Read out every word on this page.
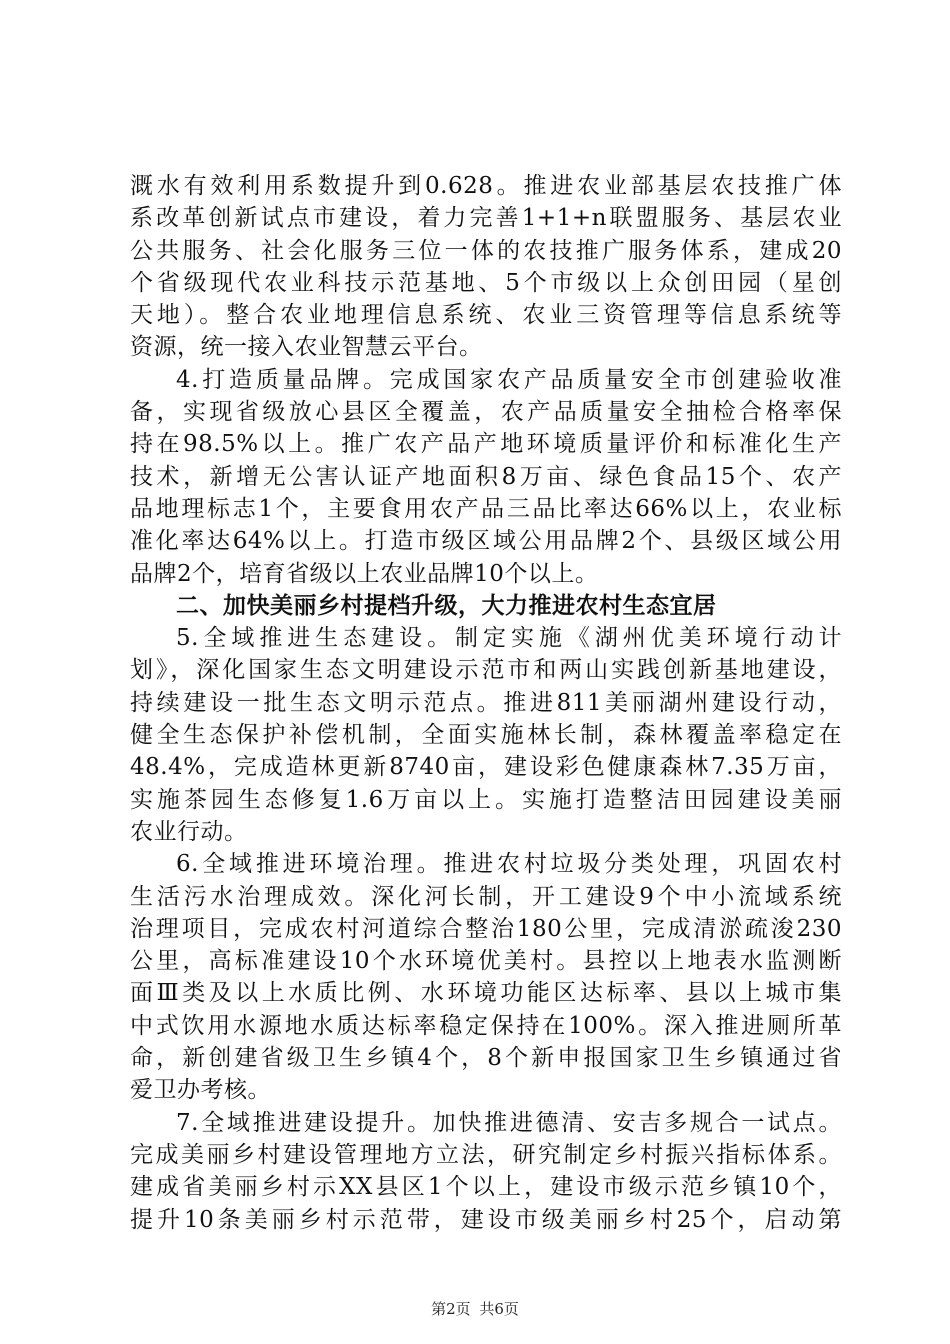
溉水有效利用系数提升到0.628。推进农业部基层农技推广体
系改革创新试点市建设，着力完善1+1+n联盟服务、基层农业
公共服务、社会化服务三位一体的农技推广服务体系，建成20
个省级现代农业科技示范基地、5个市级以上众创田园（星创
天地）。整合农业地理信息系统、农业三资管理等信息系统等
资源，统一接入农业智慧云平台。
4.打造质量品牌。完成国家农产品质量安全市创建验收准
备，实现省级放心县区全覆盖，农产品质量安全抽检合格率保
持在98.5%以上。推广农产品产地环境质量评价和标准化生产
技术，新增无公害认证产地面积8万亩、绿色食品15个、农产
品地理标志1个，主要食用农产品三品比率达66%以上，农业标
准化率达64%以上。打造市级区域公用品牌2个、县级区域公用
品牌2个，培育省级以上农业品牌10个以上。
二、加快美丽乡村提档升级，大力推进农村生态宜居
5.全域推进生态建设。制定实施《湖州优美环境行动计
划》，深化国家生态文明建设示范市和两山实践创新基地建设，
持续建设一批生态文明示范点。推进811美丽湖州建设行动，
健全生态保护补偿机制，全面实施林长制，森林覆盖率稳定在
48.4%，完成造林更新8740亩，建设彩色健康森林7.35万亩，
实施茶园生态修复1.6万亩以上。实施打造整洁田园建设美丽
农业行动。
6.全域推进环境治理。推进农村垃圾分类处理，巩固农村
生活污水治理成效。深化河长制，开工建设9个中小流域系统
治理项目，完成农村河道综合整治180公里，完成清淤疏浚230
公里，高标准建设10个水环境优美村。县控以上地表水监测断
面Ⅲ类及以上水质比例、水环境功能区达标率、县以上城市集
中式饮用水源地水质达标率稳定保持在100%。深入推进厕所革
命，新创建省级卫生乡镇4个，8个新申报国家卫生乡镇通过省
爱卫办考核。
7.全域推进建设提升。加快推进德清、安吉多规合一试点。
完成美丽乡村建设管理地方立法，研究制定乡村振兴指标体系。
建成省美丽乡村示XX县区1个以上，建设市级示范乡镇10个，
提升10条美丽乡村示范带，建设市级美丽乡村25个，启动第
第2页 共6页
